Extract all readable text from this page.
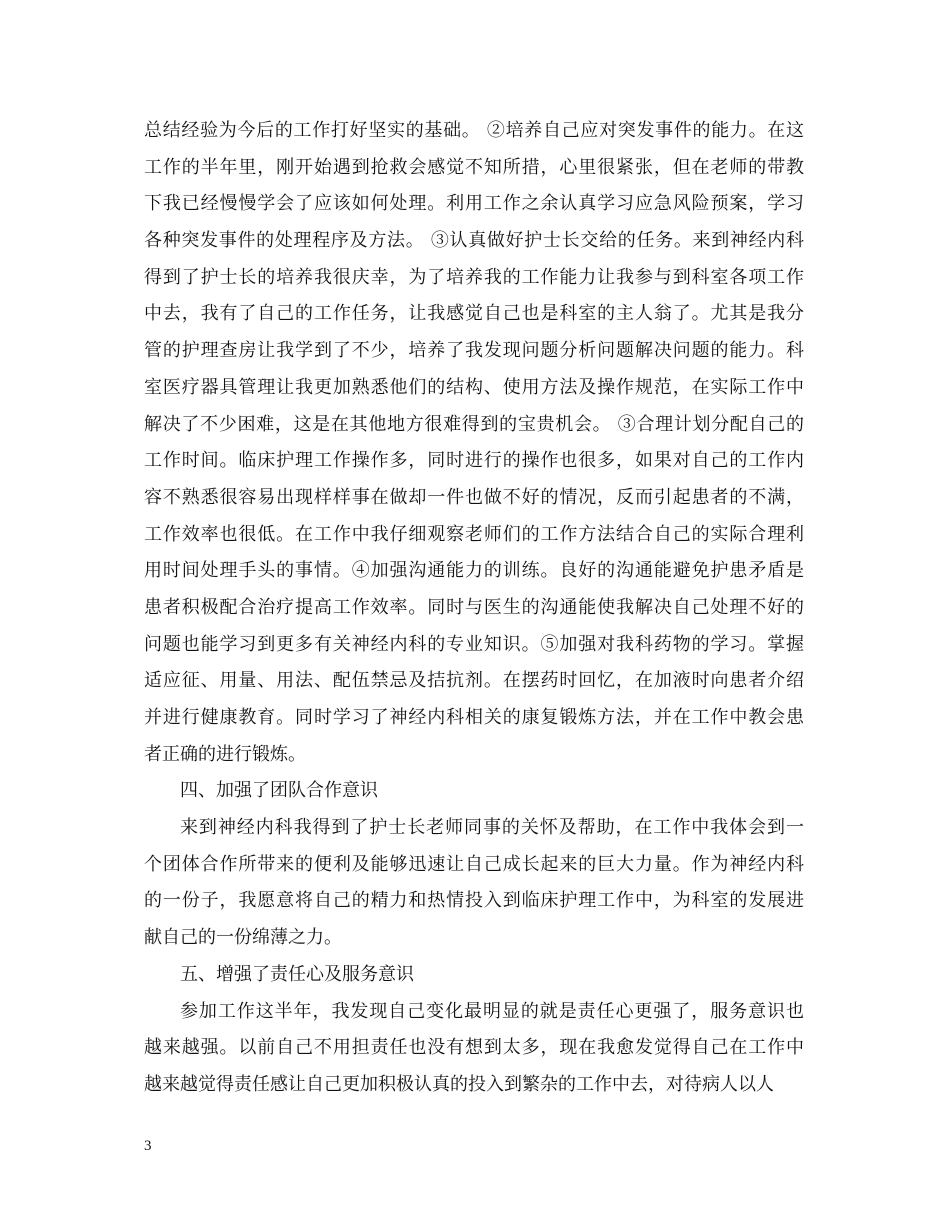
总结经验为今后的工作打好坚实的基础。 ②培养自己应对突发事件的能力。在这
工作的半年里，刚开始遇到抢救会感觉不知所措，心里很紧张，但在老师的带教
下我已经慢慢学会了应该如何处理。利用工作之余认真学习应急风险预案，学习
各种突发事件的处理程序及方法。 ③认真做好护士长交给的任务。来到神经内科
得到了护士长的培养我很庆幸，为了培养我的工作能力让我参与到科室各项工作
中去，我有了自己的工作任务，让我感觉自己也是科室的主人翁了。尤其是我分
管的护理查房让我学到了不少，培养了我发现问题分析问题解决问题的能力。科
室医疗器具管理让我更加熟悉他们的结构、使用方法及操作规范，在实际工作中
解决了不少困难，这是在其他地方很难得到的宝贵机会。 ③合理计划分配自己的
工作时间。临床护理工作操作多，同时进行的操作也很多，如果对自己的工作内
容不熟悉很容易出现样样事在做却一件也做不好的情况，反而引起患者的不满，
工作效率也很低。在工作中我仔细观察老师们的工作方法结合自己的实际合理利
用时间处理手头的事情。④加强沟通能力的训练。良好的沟通能避免护患矛盾是
患者积极配合治疗提高工作效率。同时与医生的沟通能使我解决自己处理不好的
问题也能学习到更多有关神经内科的专业知识。⑤加强对我科药物的学习。掌握
适应征、用量、用法、配伍禁忌及拮抗剂。在摆药时回忆，在加液时向患者介绍
并进行健康教育。同时学习了神经内科相关的康复锻炼方法，并在工作中教会患
者正确的进行锻炼。
四、加强了团队合作意识
来到神经内科我得到了护士长老师同事的关怀及帮助，在工作中我体会到一
个团体合作所带来的便利及能够迅速让自己成长起来的巨大力量。作为神经内科
的一份子，我愿意将自己的精力和热情投入到临床护理工作中，为科室的发展进
献自己的一份绵薄之力。
五、增强了责任心及服务意识
参加工作这半年，我发现自己变化最明显的就是责任心更强了，服务意识也
越来越强。以前自己不用担责任也没有想到太多，现在我愈发觉得自己在工作中
越来越觉得责任感让自己更加积极认真的投入到繁杂的工作中去，对待病人以人
3
